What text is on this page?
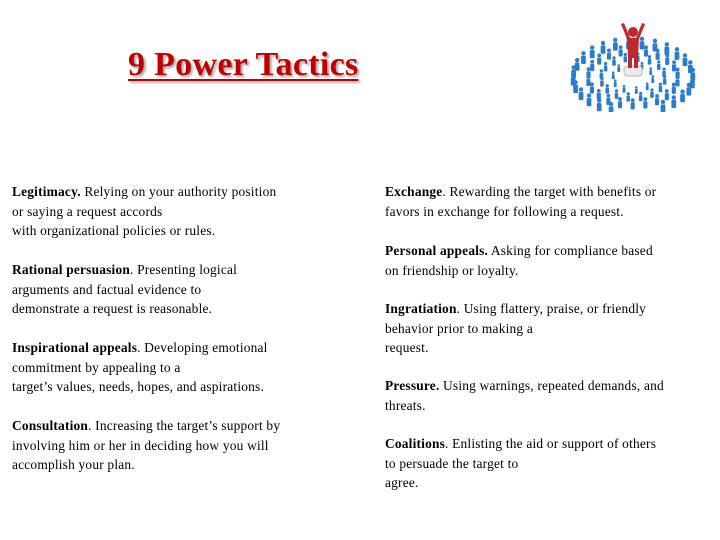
9 Power Tactics
Legitimacy. Relying on your authority position
or saying a request accords
with organizational policies or rules.
Rational persuasion. Presenting logical
arguments and factual evidence to
demonstrate a request is reasonable.
Inspirational appeals. Developing emotional
commitment by appealing to a
target’s values, needs, hopes, and aspirations.
Consultation. Increasing the target’s support by
involving him or her in deciding how you will
accomplish your plan.
Exchange. Rewarding the target with benefits or
favors in exchange for following a request.
Personal appeals. Asking for compliance based
on friendship or loyalty.
Ingratiation. Using flattery, praise, or friendly
behavior prior to making a
request.
Pressure. Using warnings, repeated demands, and
threats.
Coalitions. Enlisting the aid or support of others
to persuade the target to
agree.
